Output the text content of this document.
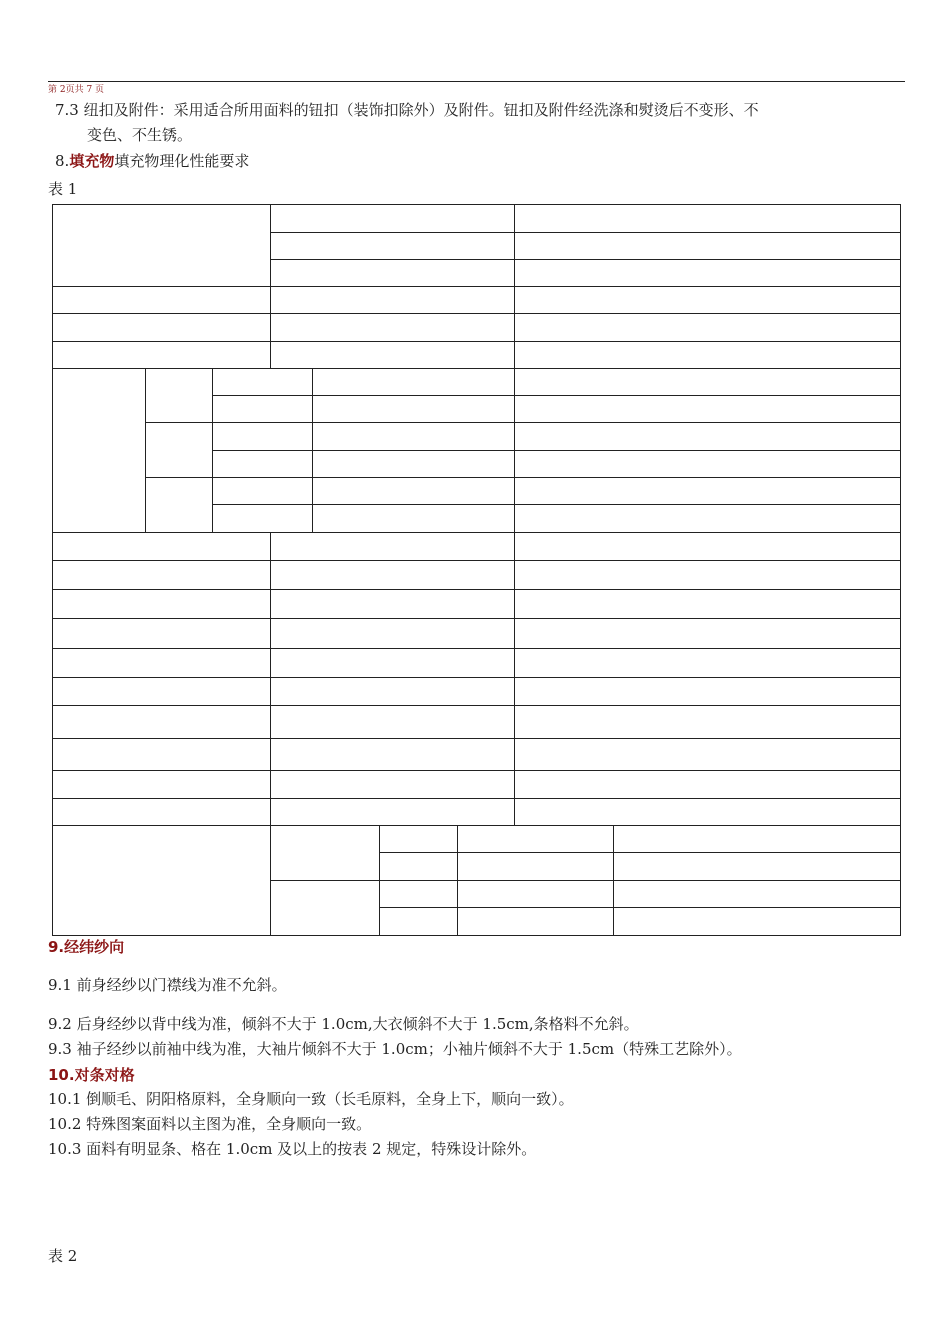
第 2页共 7 页
7.3 纽扣及附件：采用适合所用面料的钮扣（装饰扣除外）及附件。钮扣及附件经洗涤和熨烫后不变形、不
变色、不生锈。
8.填充物填充物理化性能要求
表 1
9.经纬纱向
9.1 前身经纱以门襟线为准不允斜。
9.2 后身经纱以背中线为准，倾斜不大于 1.0cm,大衣倾斜不大于 1.5cm,条格料不允斜。
9.3 袖子经纱以前袖中线为准，大袖片倾斜不大于 1.0cm；小袖片倾斜不大于 1.5cm（特殊工艺除外）。
10.对条对格
10.1 倒顺毛、阴阳格原料，全身顺向一致（长毛原料，全身上下，顺向一致）。
10.2 特殊图案面料以主图为准，全身顺向一致。
10.3 面料有明显条、格在 1.0cm 及以上的按表 2 规定，特殊设计除外。
表 2
